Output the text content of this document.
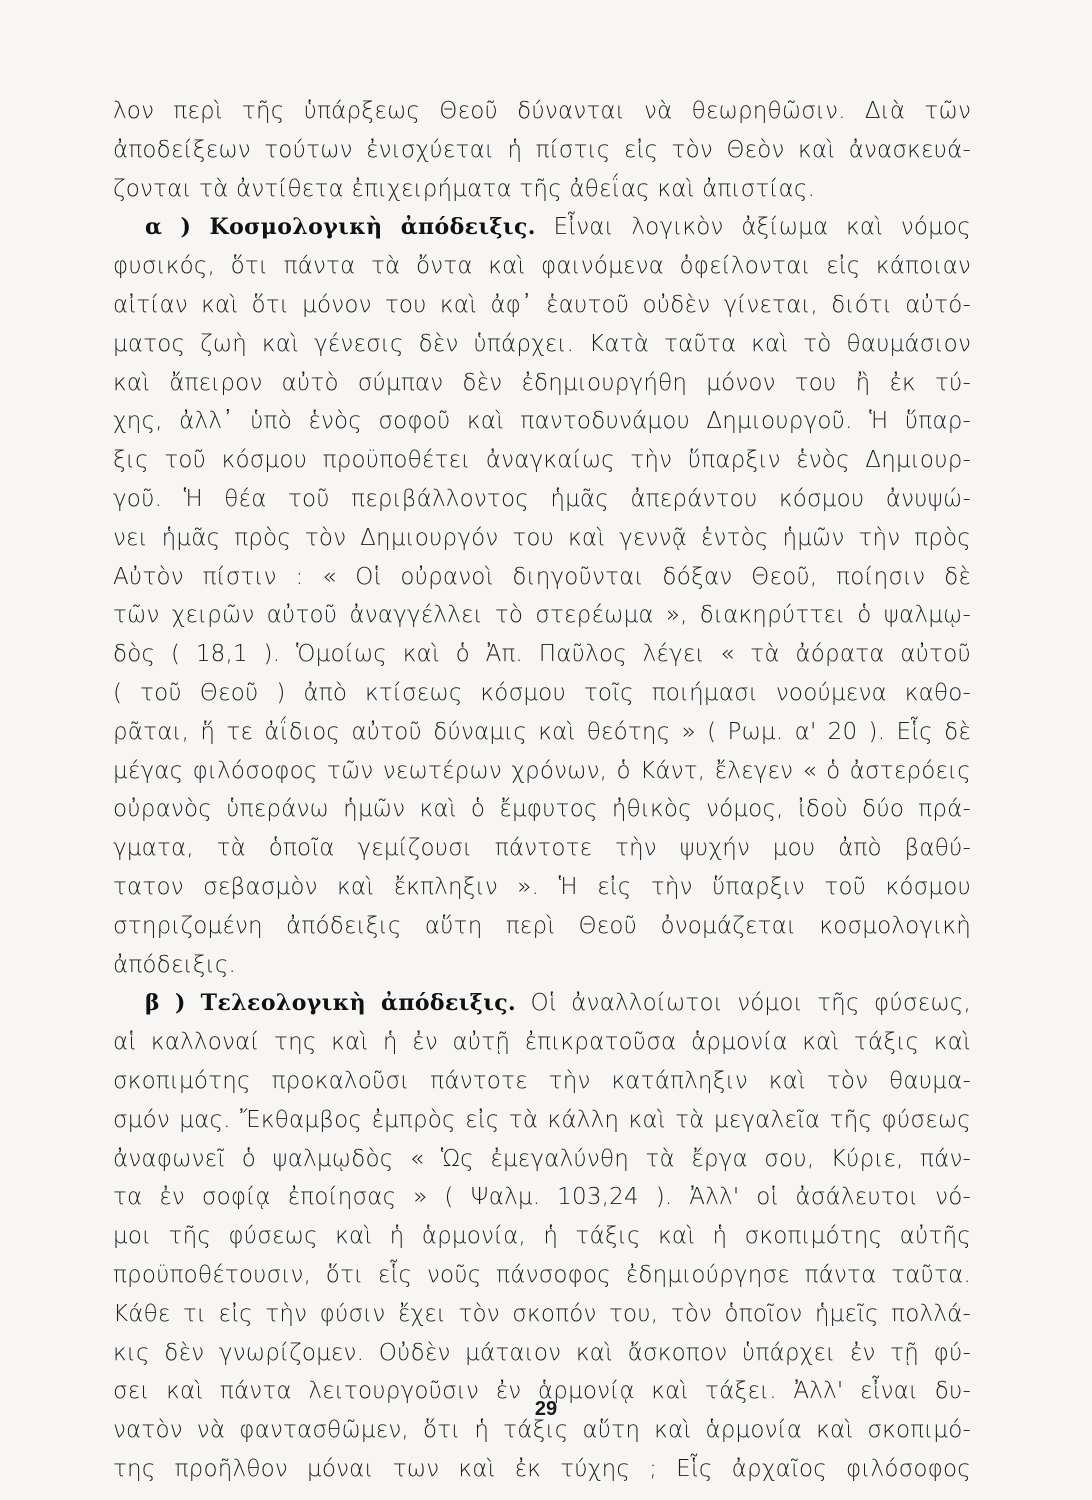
λον περὶ τῆς ὑπάρξεως Θεοῦ δύνανται νὰ θεωρηθῶσιν. Διὰ τῶν
ἀποδείξεων τούτων ἐνισχύεται ἡ πίστις εἰς τὸν Θεὸν καὶ ἀνασκευά-
ζονται τὰ ἀντίθετα ἐπιχειρήματα τῆς ἀθεΐας καὶ ἀπιστίας.
α ) Κοσμολογικὴ ἀπόδειξις. Εἶναι λογικὸν ἀξίωμα καὶ νόμος
φυσικός, ὅτι πάντα τὰ ὄντα καὶ φαινόμενα ὀφείλονται εἰς κάποιαν
αἰτίαν καὶ ὅτι μόνον του καὶ ἀφ᾽ ἑαυτοῦ οὐδὲν γίνεται, διότι αὐτό-
ματος ζωὴ καὶ γένεσις δὲν ὑπάρχει. Κατὰ ταῦτα καὶ τὸ θαυμάσιον
καὶ ἄπειρον αὐτὸ σύμπαν δὲν ἐδημιουργήθη μόνον του ἢ ἐκ τύ-
χης, ἀλλ᾽ ὑπὸ ἑνὸς σοφοῦ καὶ παντοδυνάμου Δημιουργοῦ. Ἡ ὕπαρ-
ξις τοῦ κόσμου προϋποθέτει ἀναγκαίως τὴν ὕπαρξιν ἑνὸς Δημιουρ-
γοῦ. Ἡ θέα τοῦ περιβάλλοντος ἡμᾶς ἀπεράντου κόσμου ἀνυψώ-
νει ἡμᾶς πρὸς τὸν Δημιουργόν του καὶ γεννᾷ ἐντὸς ἡμῶν τὴν πρὸς
Αὐτὸν πίστιν : « Οἱ οὐρανοὶ διηγοῦνται δόξαν Θεοῦ, ποίησιν δὲ
τῶν χειρῶν αὐτοῦ ἀναγγέλλει τὸ στερέωμα », διακηρύττει ὁ ψαλμῳ-
δὸς ( 18,1 ). Ὁμοίως καὶ ὁ Ἀπ. Παῦλος λέγει « τὰ ἀόρατα αὐτοῦ
( τοῦ Θεοῦ ) ἀπὸ κτίσεως κόσμου τοῖς ποιήμασι νοούμενα καθο-
ρᾶται, ἥ τε ἀΐδιος αὐτοῦ δύναμις καὶ θεότης » ( Ρωμ. α' 20 ). Εἷς δὲ
μέγας φιλόσοφος τῶν νεωτέρων χρόνων, ὁ Κάντ, ἔλεγεν « ὁ ἀστερόεις
οὐρανὸς ὑπεράνω ἡμῶν καὶ ὁ ἔμφυτος ἠθικὸς νόμος, ἰδοὺ δύο πρά-
γματα, τὰ ὁποῖα γεμίζουσι πάντοτε τὴν ψυχήν μου ἀπὸ βαθύ-
τατον σεβασμὸν καὶ ἔκπληξιν ». Ἡ εἰς τὴν ὕπαρξιν τοῦ κόσμου
στηριζομένη ἀπόδειξις αὕτη περὶ Θεοῦ ὀνομάζεται κοσμολογικὴ
ἀπόδειξις.
β ) Τελεολογικὴ ἀπόδειξις. Οἱ ἀναλλοίωτοι νόμοι τῆς φύσεως,
αἱ καλλοναί της καὶ ἡ ἐν αὐτῇ ἐπικρατοῦσα ἁρμονία καὶ τάξις καὶ
σκοπιμότης προκαλοῦσι πάντοτε τὴν κατάπληξιν καὶ τὸν θαυμα-
σμόν μας. Ἔκθαμβος ἐμπρὸς εἰς τὰ κάλλη καὶ τὰ μεγαλεῖα τῆς φύσεως
ἀναφωνεῖ ὁ ψαλμῳδὸς « Ὡς ἐμεγαλύνθη τὰ ἔργα σου, Κύριε, πάν-
τα ἐν σοφίᾳ ἐποίησας » ( Ψαλμ. 103,24 ). Ἀλλ' οἱ ἀσάλευτοι νό-
μοι τῆς φύσεως καὶ ἡ ἁρμονία, ἡ τάξις καὶ ἡ σκοπιμότης αὐτῆς
προϋποθέτουσιν, ὅτι εἷς νοῦς πάνσοφος ἐδημιούργησε πάντα ταῦτα.
Κάθε τι εἰς τὴν φύσιν ἔχει τὸν σκοπόν του, τὸν ὁποῖον ἡμεῖς πολλά-
κις δὲν γνωρίζομεν. Οὐδὲν μάταιον καὶ ἄσκοπον ὑπάρχει ἐν τῇ φύ-
σει καὶ πάντα λειτουργοῦσιν ἐν ἁρμονίᾳ καὶ τάξει. Ἀλλ' εἶναι δυ-
νατὸν νὰ φαντασθῶμεν, ὅτι ἡ τάξις αὕτη καὶ ἁρμονία καὶ σκοπιμό-
της προῆλθον μόναι των καὶ ἐκ τύχης ; Εἷς ἀρχαῖος φιλόσοφος
29
